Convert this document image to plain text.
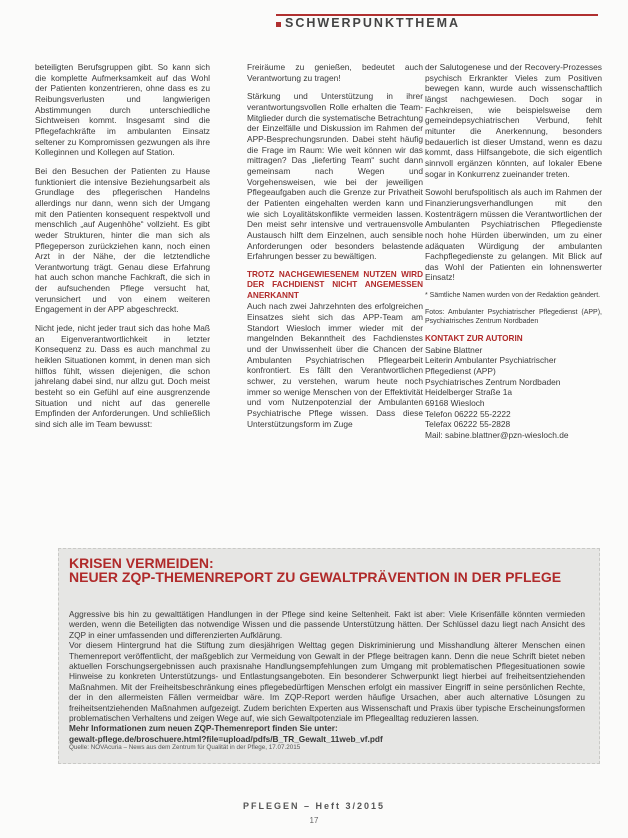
SCHWERPUNKTTHEMA

beteiligten Berufsgruppen gibt. So kann sich die komplette Aufmerksamkeit auf das Wohl der Patienten konzentrieren, ohne dass es zu Reibungsverlusten und langwierigen Abstimmungen durch unterschiedliche Sichtweisen kommt. Insgesamt sind die Pflegefachkräfte im ambulanten Einsatz seltener zu Kompromissen gezwungen als ihre Kolleginnen und Kollegen auf Station.

Bei den Besuchen der Patienten zu Hause funktioniert die intensive Beziehungsarbeit als Grundlage des pflegerischen Handelns allerdings nur dann, wenn sich der Umgang mit den Patienten konsequent respektvoll und menschlich „auf Augenhöhe“ vollzieht. Es gibt weder Strukturen, hinter die man sich als Pflegeperson zurückziehen kann, noch einen Arzt in der Nähe, der die letztendliche Verantwortung trägt. Genau diese Erfahrung hat auch schon manche Fachkraft, die sich in der aufsuchenden Pflege versucht hat, verunsichert und von einem weiteren Engagement in der APP abgeschreckt.

Nicht jede, nicht jeder traut sich das hohe Maß an Eigenverantwortlichkeit in letzter Konsequenz zu. Dass es auch manchmal zu heiklen Situationen kommt, in denen man sich hilflos fühlt, wissen diejenigen, die schon jahrelang dabei sind, nur allzu gut. Doch meist besteht so ein Gefühl auf eine ausgrenzende Situation und nicht auf das generelle Empfinden der Anforderungen. Und schließlich sind sich alle im Team bewusst:

Freiräume zu genießen, bedeutet auch Verantwortung zu tragen!

Stärkung und Unterstützung in ihrer verantwortungsvollen Rolle erhalten die Team-Mitglieder durch die systematische Betrachtung der Einzelfälle und Diskussion im Rahmen der APP-Besprechungsrunden. Dabei steht häufig die Frage im Raum: Wie weit können wir das mittragen? Das „lieferting Team“ sucht dann gemeinsam nach Wegen und Vorgehensweisen, wie bei der jeweiligen Pflegeaufgaben auch die Grenze zur Privatheit der Patienten eingehalten werden kann und wie sich Loyalitätskonflikte vermeiden lassen. Den meist sehr intensive und vertrauensvolle Austausch hilft dem Einzelnen, auch sensible Anforderungen oder besonders belastende Erfahrungen besser zu bewältigen.

TROTZ NACHGEWIESENEM NUTZEN WIRD DER FACHDIENST NICHT ANGEMESSEN ANERKANNT

Auch nach zwei Jahrzehnten des erfolgreichen Einsatzes sieht sich das APP-Team am Standort Wiesloch immer wieder mit der mangelnden Bekanntheit des Fachdienstes und der Unwissenheit über die Chancen der Ambulanten Psychiatrischen Pflegearbeit konfrontiert. Es fällt den Verantwortlichen schwer, zu verstehen, warum heute noch immer so wenige Menschen von der Effektivität und vom Nutzenpotenzial der Ambulanten Psychiatrische Pflege wissen. Dass diese Unterstützungsform im Zuge

der Salutogenese und der Recovery-Prozesses psychisch Erkrankter Vieles zum Positiven bewegen kann, wurde auch wissenschaftlich längst nachgewiesen. Doch sogar in Fachkreisen, wie beispielsweise dem gemeindepsychiatrischen Verbund, fehlt mitunter die Anerkennung, besonders bedauerlich ist dieser Umstand, wenn es dazu kommt, dass Hilfsangebote, die sich eigentlich sinnvoll ergänzen könnten, auf lokaler Ebene sogar in Konkurrenz zueinander treten.

Sowohl berufspolitisch als auch im Rahmen der Finanzierungsverhandlungen mit den Kostenträgern müssen die Verantwortlichen der Ambulanten Psychiatrischen Pflegedienste noch hohe Hürden überwinden, um zu einer adäquaten Würdigung der ambulanten Fachpflegedienste zu gelangen. Mit Blick auf das Wohl der Patienten ein lohnenswerter Einsatz!

* Sämtliche Namen wurden von der Redaktion geändert.

Fotos: Ambulanter Psychiatrischer Pflegedienst (APP), Psychiatrisches Zentrum Nordbaden

KONTAKT ZUR AUTORIN
Sabine Blattner
Leiterin Ambulanter Psychiatrischer
Pflegedienst (APP)
Psychiatrisches Zentrum Nordbaden
Heidelberger Straße 1a
69168 Wiesloch
Telefon 06222 55-2222
Telefax 06222 55-2828
Mail: sabine.blattner@pzn-wiesloch.de
KRISEN VERMEIDEN:
NEUER ZQP-THEMENREPORT ZU GEWALTPRÄVENTION IN DER PFLEGE

Aggressive bis hin zu gewalttätigen Handlungen in der Pflege sind keine Seltenheit. Fakt ist aber: Viele Krisenfälle könnten vermieden werden, wenn die Beteiligten das notwendige Wissen und die passende Unterstützung hätten. Der Schlüssel dazu liegt nach Ansicht des ZQP in einer umfassenden und differenzierten Aufklärung.

Vor diesem Hintergrund hat die Stiftung zum diesjährigen Welttag gegen Diskriminierung und Misshandlung älterer Menschen einen Themenreport veröffentlicht, der maßgeblich zur Vermeidung von Gewalt in der Pflege beitragen kann. Denn die neue Schrift bietet neben aktuellen Forschungsergebnissen auch praxisnahe Handlungsempfehlungen zum Umgang mit problematischen Pflegesituationen sowie Hinweise zu konkreten Unterstützungs- und Entlastungsangeboten. Ein besonderer Schwerpunkt liegt hierbei auf freiheitsentziehenden Maßnahmen. Mit der Freiheitsbeschränkung eines pflegebedürftigen Menschen erfolgt ein massiver Eingriff in seine persönlichen Rechte, der in den allermeisten Fällen vermeidbar wäre. Im ZQP-Report werden häufige Ursachen, aber auch alternative Lösungen zu freiheitsentziehenden Maßnahmen aufgezeigt. Zudem berichten Experten aus Wissenschaft und Praxis über typische Erscheinungsformen problematischen Verhaltens und zeigen Wege auf, wie sich Gewaltpotenziale im Pflegealltag reduzieren lassen.

Mehr Informationen zum neuen ZQP-Themenreport finden Sie unter:

gewalt-pflege.de/broschuere.html?file=upload/pdfs/B_TR_Gewalt_11web_vf.pdf

Quelle: NOVAcuria – News aus dem Zentrum für Qualität in der Pflege, 17.07.2015
PFLEGEN – Heft 3/2015
17
